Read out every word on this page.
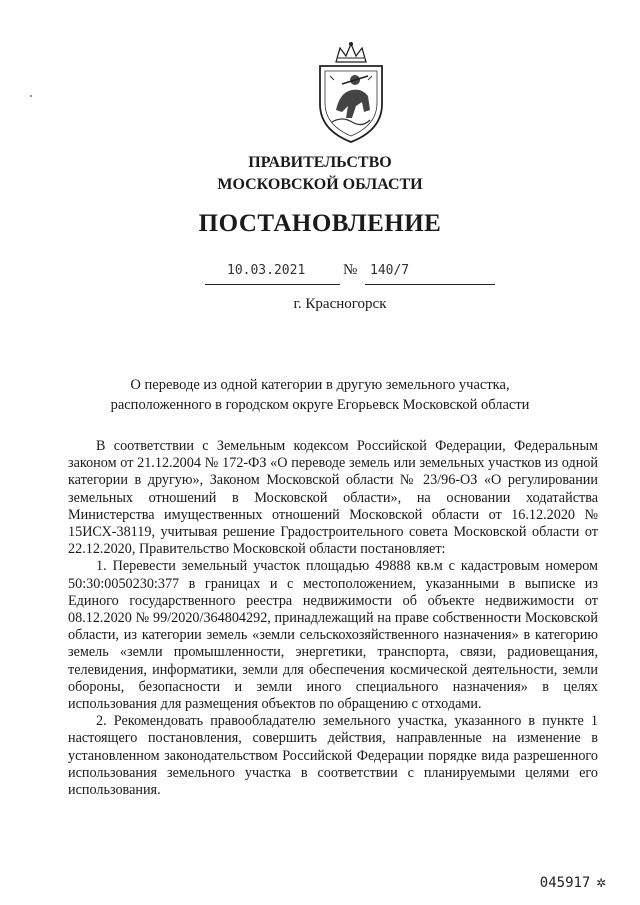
ПРАВИТЕЛЬСТВО
МОСКОВСКОЙ ОБЛАСТИ
ПОСТАНОВЛЕНИЕ
10.03.2021	№ 140/7
г. Красногорск
О переводе из одной категории в другую земельного участка,
расположенного в городском округе Егорьевск Московской области

В соответствии с Земельным кодексом Российской Федерации, Федеральным законом от 21.12.2004 № 172-ФЗ «О переводе земель или земельных участков из одной категории в другую», Законом Московской области № 23/96-ОЗ «О регулировании земельных отношений в Московской области», на основании ходатайства Министерства имущественных отношений Московской области от 16.12.2020 № 15ИСХ-38119, учитывая решение Градостроительного совета Московской области от 22.12.2020, Правительство Московской области постановляет:

1. Перевести земельный участок площадью 49888 кв.м с кадастровым номером 50:30:0050230:377 в границах и с местоположением, указанными в выписке из Единого государственного реестра недвижимости об объекте недвижимости от 08.12.2020 № 99/2020/364804292, принадлежащий на праве собственности Московской области, из категории земель «земли сельскохозяйственного назначения» в категорию земель «земли промышленности, энергетики, транспорта, связи, радиовещания, телевидения, информатики, земли для обеспечения космической деятельности, земли обороны, безопасности и земли иного специального назначения» в целях использования для размещения объектов по обращению с отходами.

2. Рекомендовать правообладателю земельного участка, указанного в пункте 1 настоящего постановления, совершить действия, направленные на изменение в установленном законодательством Российской Федерации порядке вида разрешенного использования земельного участка в соответствии с планируемыми целями его использования.

045917 ✲
